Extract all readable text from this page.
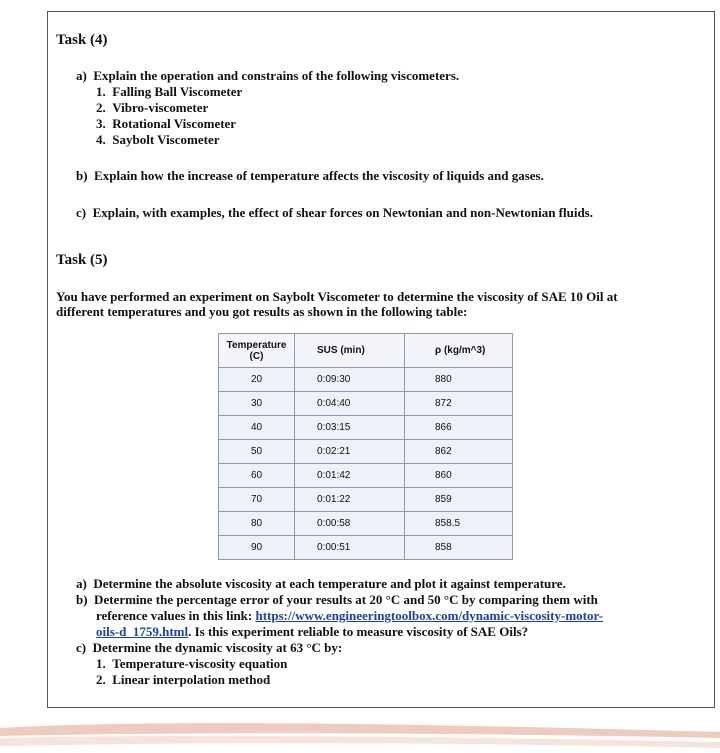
Task (4)
a)  Explain the operation and constrains of the following viscometers.
1.  Falling Ball Viscometer
2.  Vibro-viscometer
3.  Rotational Viscometer
4.  Saybolt Viscometer
b)  Explain how the increase of temperature affects the viscosity of liquids and gases.
c)  Explain, with examples, the effect of shear forces on Newtonian and non-Newtonian fluids.
Task (5)
You have performed an experiment on Saybolt Viscometer to determine the viscosity of SAE 10 Oil at
different temperatures and you got results as shown in the following table:
Temperature
(C)	SUS (min)	ρ (kg/m^3)
20	0:09:30	880
30	0:04:40	872
40	0:03:15	866
50	0:02:21	862
60	0:01:42	860
70	0:01:22	859
80	0:00:58	858.5
90	0:00:51	858
a)  Determine the absolute viscosity at each temperature and plot it against temperature.
b)  Determine the percentage error of your results at 20 °C and 50 °C by comparing them with
reference values in this link: https://www.engineeringtoolbox.com/dynamic-viscosity-motor-
oils-d_1759.html. Is this experiment reliable to measure viscosity of SAE Oils?
c)  Determine the dynamic viscosity at 63 °C by:
1.  Temperature-viscosity equation
2.  Linear interpolation method
